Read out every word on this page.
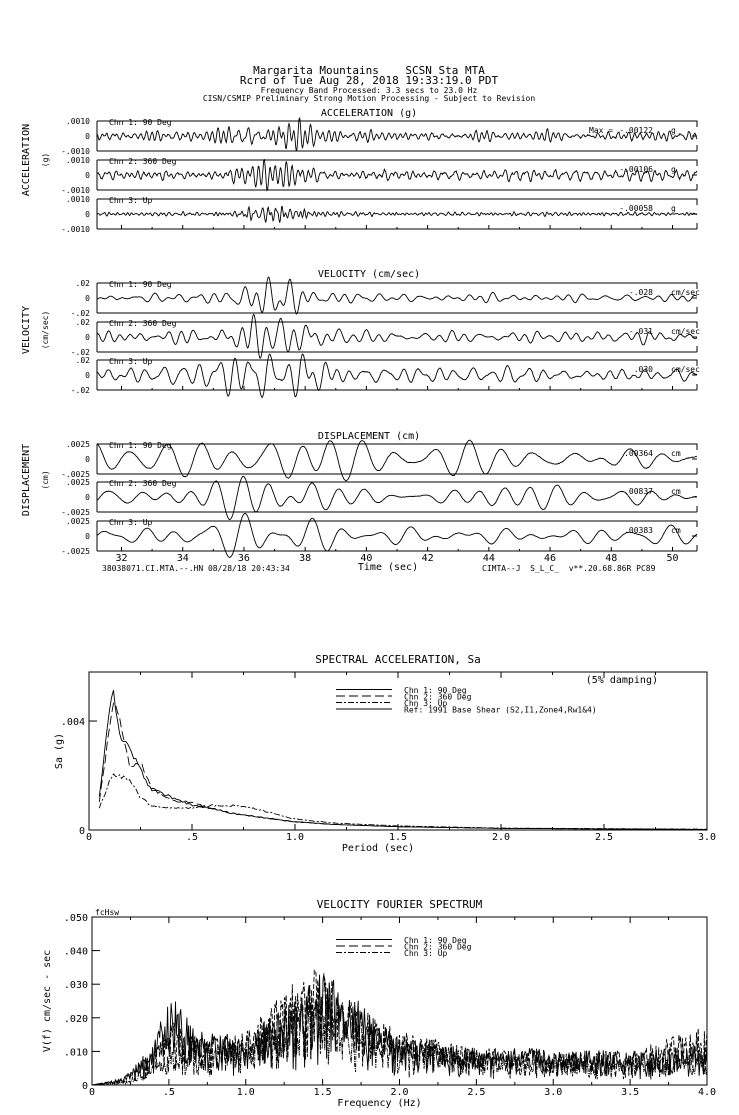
Margarita Mountains    SCSN Sta MTA
Rcrd of Tue Aug 28, 2018 19:33:19.0 PDT
Frequency Band Processed: 3.3 secs to 23.0 Hz
CISN/CSMIP Preliminary Strong Motion Processing - Subject to Revision
ACCELERATION (g)
ACCELERATION (g)
.0010
0
-.0010
Chn 1: 90 Deg
Max = -.00122 g
.0010
0
-.0010
Chn 2: 360 Deg
-.00106 g
.0010
0
-.0010
Chn 3: Up
-.00058 g
VELOCITY (cm/sec)
VELOCITY (cm/sec)
.02
0
-.02
Chn 1: 90 Deg
-.028 cm/sec
.02
0
-.02
Chn 2: 360 Deg
-.031 cm/sec
.02
0
-.02
Chn 3: Up
.030 cm/sec
DISPLACEMENT (cm)
DISPLACEMENT (cm)
.0025
0
-.0025
Chn 1: 90 Deg
.00364 cm
.0025
0
-.0025
Chn 2: 360 Deg
-.00837 cm
.0025
0
-.0025
Chn 3: Up
.00383 cm
32	34	36	38	40	42	44	46	48	50
Time (sec)
38038071.CI.MTA.--.HN 08/28/18 20:43:34	CIMTA--J  S_L_C_  v**.20.68.86R PC89
SPECTRAL ACCELERATION, Sa
0	.5	1.0	1.5	2.0	2.5	3.0
Period (sec)
0
.004
Sa (g)
Chn 1: 90 Deg
Chn 2: 360 Deg
Chn 3: Up
Ref: 1991 Base Shear (S2,I1,Zone4,Rw1&4)
(5% damping)
VELOCITY FOURIER SPECTRUM
0	.5	1.0	1.5	2.0	2.5	3.0	3.5	4.0
Frequency (Hz)
0
.010
.020
.030
.040
.050
V(f) cm/sec - sec
Chn 1: 90 Deg
Chn 2: 360 Deg
Chn 3: Up
fcHsw
